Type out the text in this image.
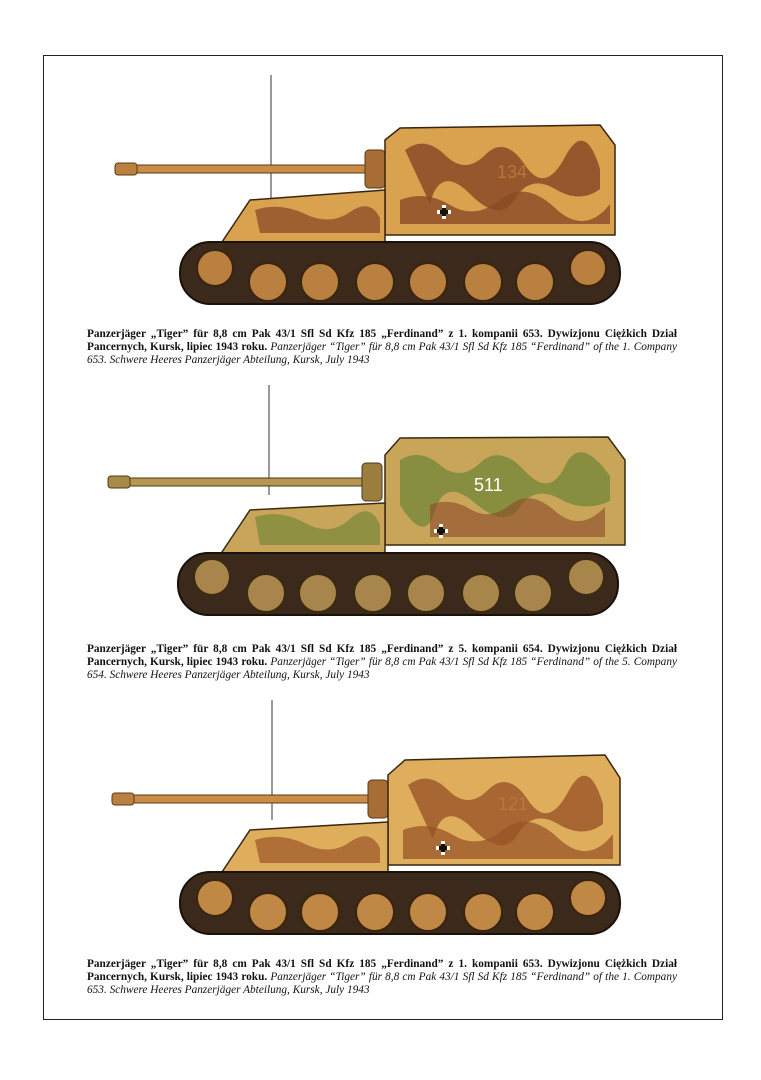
134
Panzerjäger „Tiger” für 8,8 cm Pak 43/1 Sfl Sd Kfz 185 „Ferdinand” z 1. kompanii 653. Dywizjonu Ciężkich Dział Pancernych, Kursk, lipiec 1943 roku. Panzerjäger “Tiger” für 8,8 cm Pak 43/1 Sfl Sd Kfz 185 “Ferdinand” of the 1. Company 653. Schwere Heeres Panzerjäger Abteilung, Kursk, July 1943
511
Panzerjäger „Tiger” für 8,8 cm Pak 43/1 Sfl Sd Kfz 185 „Ferdinand” z 5. kompanii 654. Dywizjonu Ciężkich Dział Pancernych, Kursk, lipiec 1943 roku. Panzerjäger “Tiger” für 8,8 cm Pak 43/1 Sfl Sd Kfz 185 “Ferdinand” of the 5. Company 654. Schwere Heeres Panzerjäger Abteilung, Kursk, July 1943
121
Panzerjäger „Tiger” für 8,8 cm Pak 43/1 Sfl Sd Kfz 185 „Ferdinand” z 1. kompanii 653. Dywizjonu Ciężkich Dział Pancernych, Kursk, lipiec 1943 roku. Panzerjäger “Tiger” für 8,8 cm Pak 43/1 Sfl Sd Kfz 185 “Ferdinand” of the 1. Company 653. Schwere Heeres Panzerjäger Abteilung, Kursk, July 1943
